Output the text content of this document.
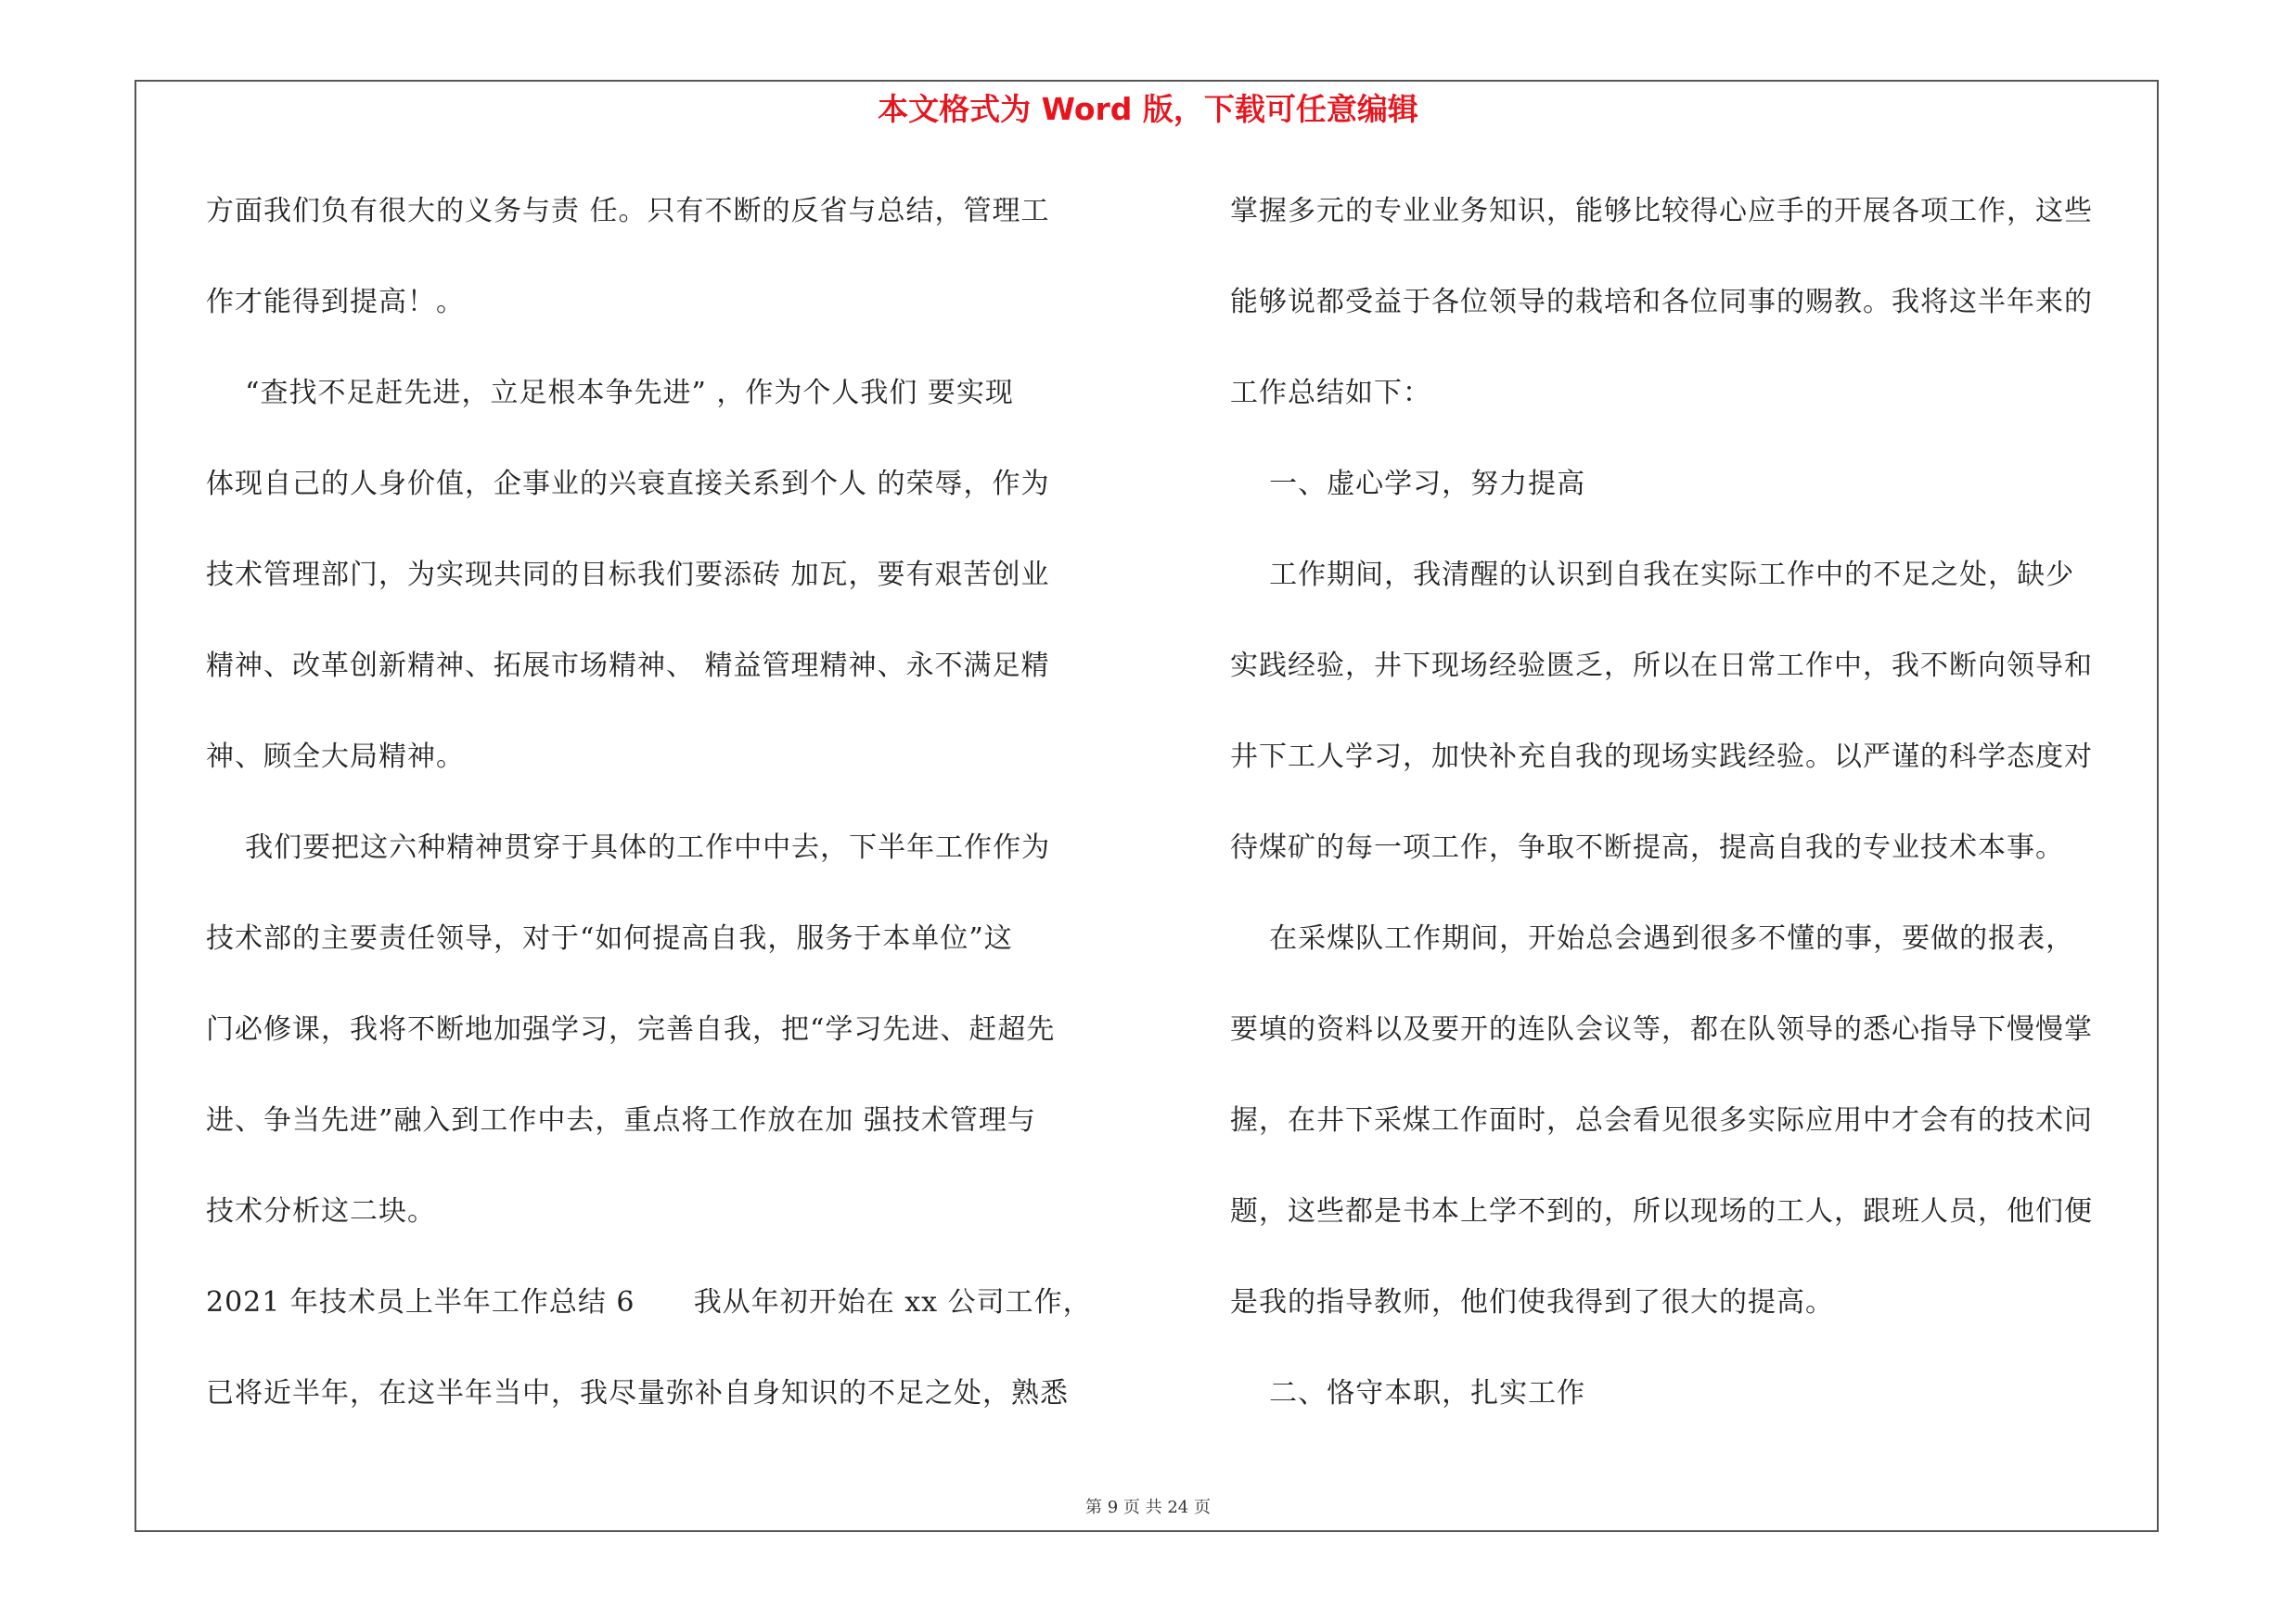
本文格式为 Word 版，下载可任意编辑
方面我们负有很大的义务与责 任。只有不断的反省与总结，管理工
作才能得到提高！。
“查找不足赶先进，立足根本争先进” ，作为个人我们 要实现
体现自己的人身价值，企事业的兴衰直接关系到个人 的荣辱，作为
技术管理部门，为实现共同的目标我们要添砖 加瓦，要有艰苦创业
精神、改革创新精神、拓展市场精神、 精益管理精神、永不满足精
神、顾全大局精神。
我们要把这六种精神贯穿于具体的工作中中去，下半年工作作为
技术部的主要责任领导，对于“如何提高自我，服务于本单位”这
门必修课，我将不断地加强学习，完善自我，把“学习先进、赶超先
进、争当先进”融入到工作中去，重点将工作放在加 强技术管理与
技术分析这二块。
2021 年技术员上半年工作总结 6      我从年初开始在 xx 公司工作，
已将近半年，在这半年当中，我尽量弥补自身知识的不足之处，熟悉
掌握多元的专业业务知识，能够比较得心应手的开展各项工作，这些
能够说都受益于各位领导的栽培和各位同事的赐教。我将这半年来的
工作总结如下：
一、虚心学习，努力提高
工作期间，我清醒的认识到自我在实际工作中的不足之处，缺少
实践经验，井下现场经验匮乏，所以在日常工作中，我不断向领导和
井下工人学习，加快补充自我的现场实践经验。以严谨的科学态度对
待煤矿的每一项工作，争取不断提高，提高自我的专业技术本事。
在采煤队工作期间，开始总会遇到很多不懂的事，要做的报表，
要填的资料以及要开的连队会议等，都在队领导的悉心指导下慢慢掌
握，在井下采煤工作面时，总会看见很多实际应用中才会有的技术问
题，这些都是书本上学不到的，所以现场的工人，跟班人员，他们便
是我的指导教师，他们使我得到了很大的提高。
二、恪守本职，扎实工作
第 9 页 共 24 页
